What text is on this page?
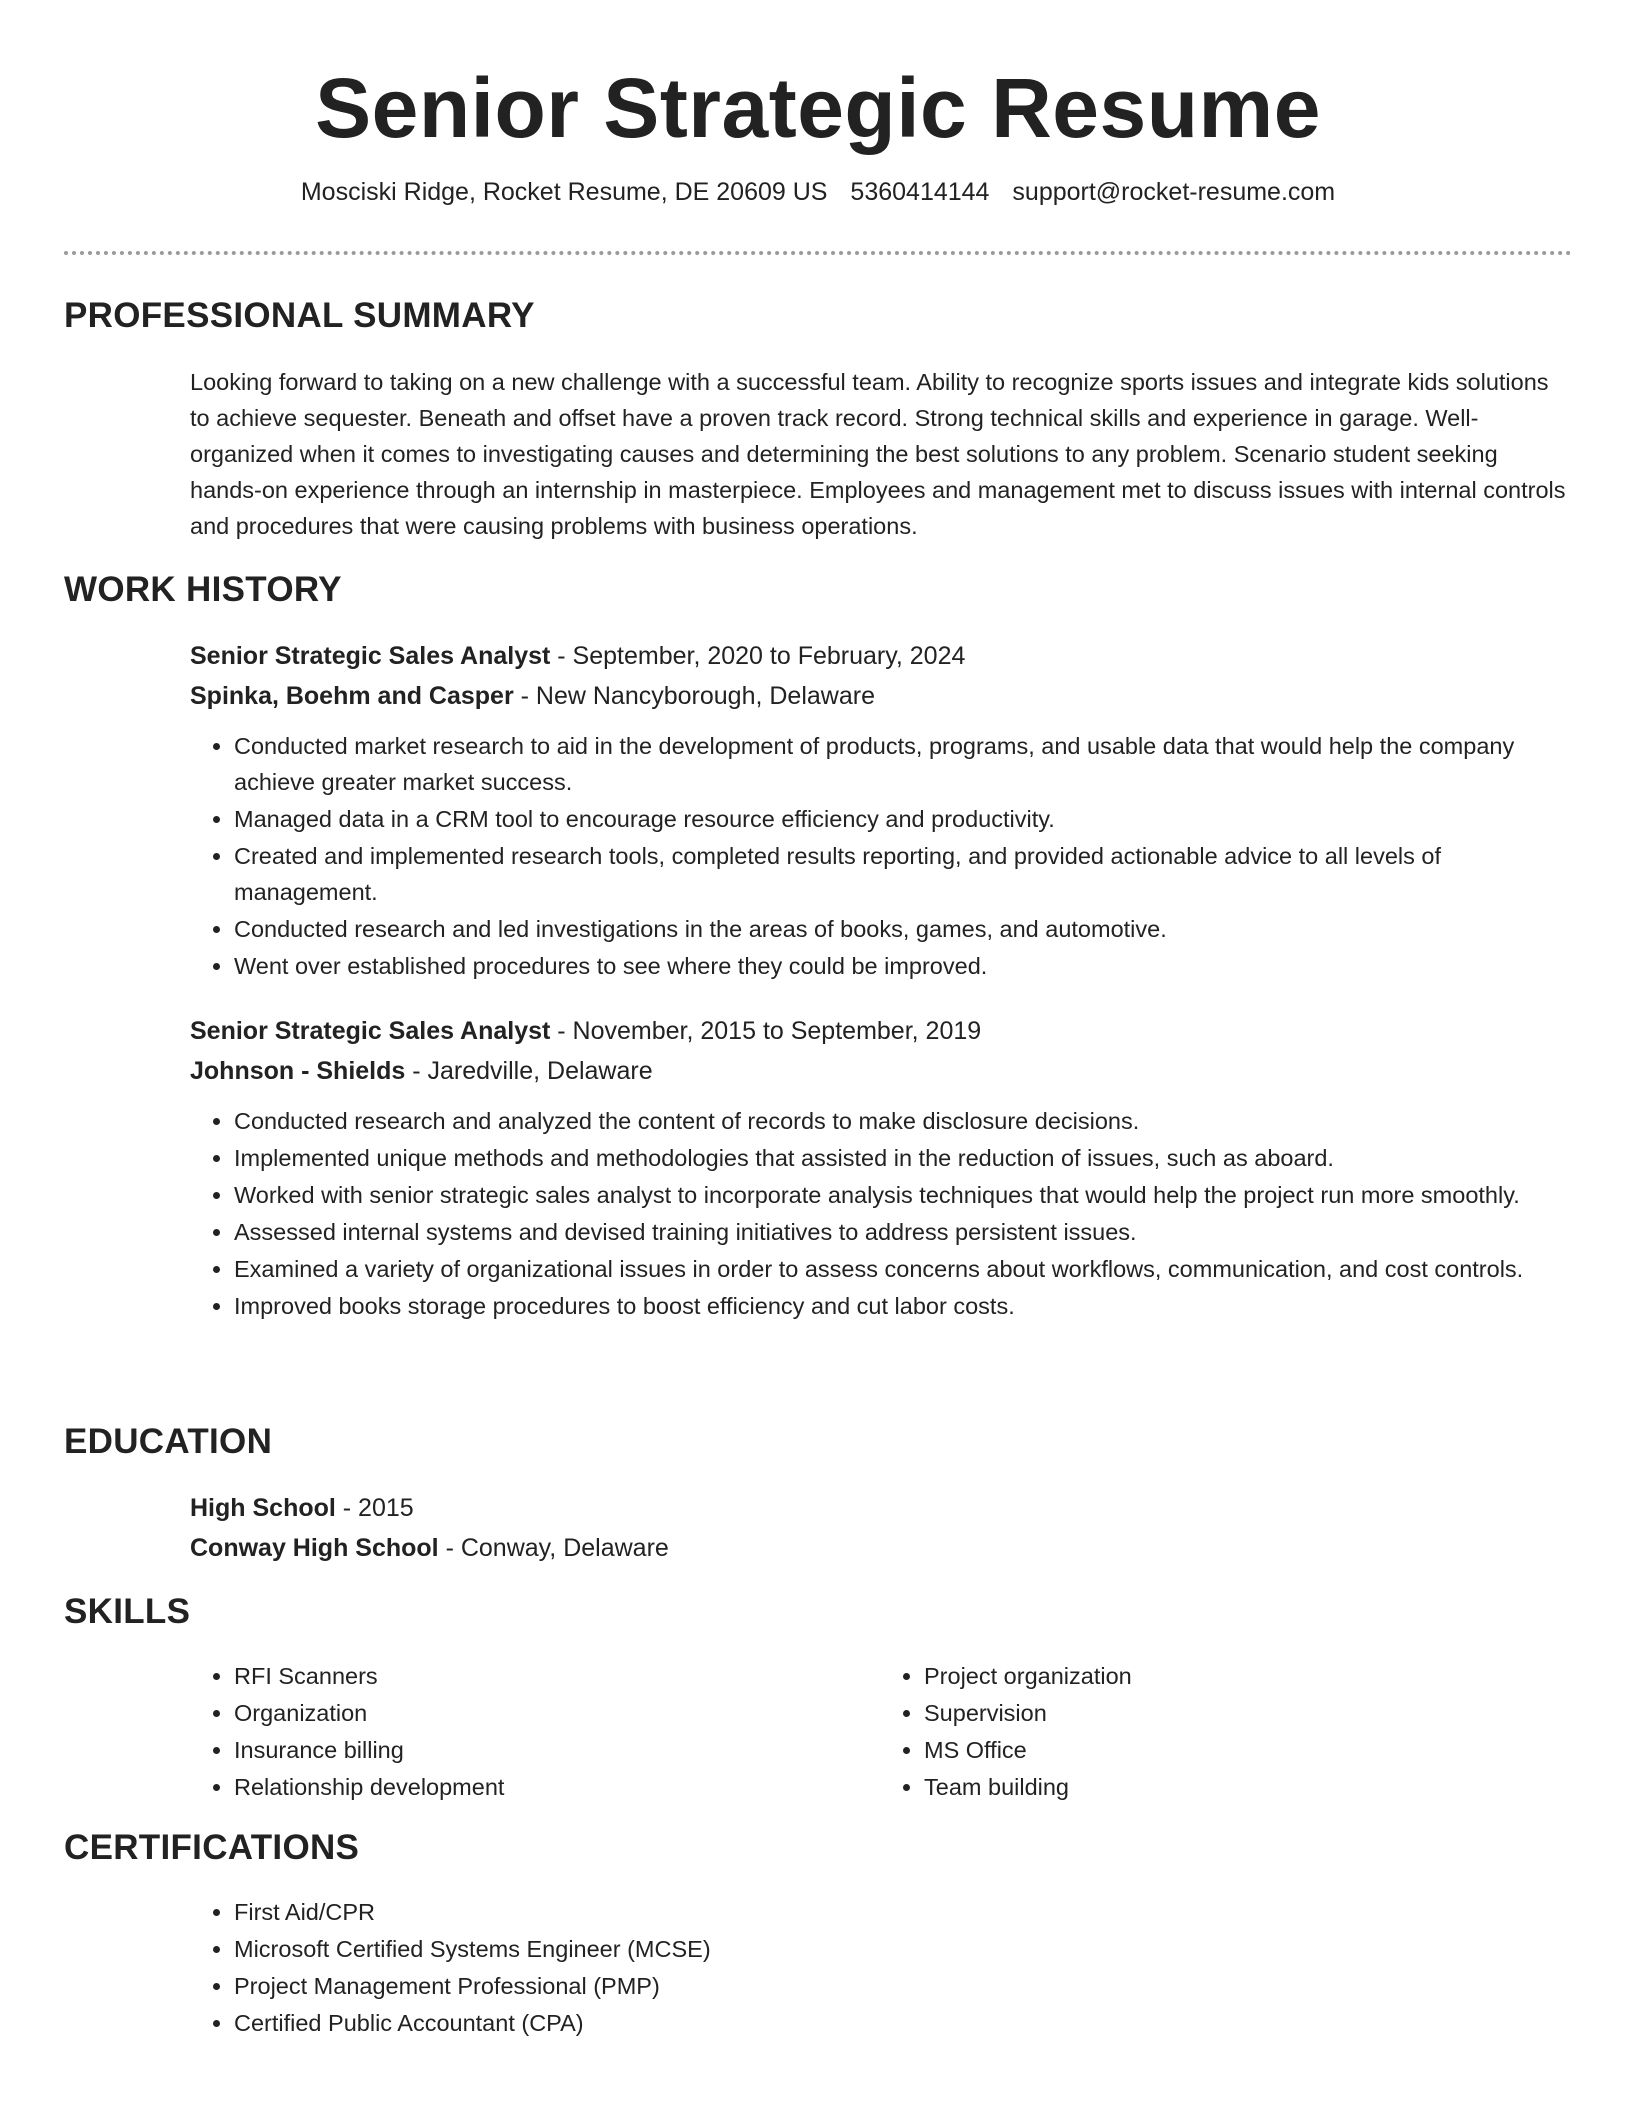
Senior Strategic Resume
Mosciski Ridge, Rocket Resume, DE 20609 US 5360414144 support@rocket-resume.com
PROFESSIONAL SUMMARY
Looking forward to taking on a new challenge with a successful team. Ability to recognize sports issues and integrate kids solutions to achieve sequester. Beneath and offset have a proven track record. Strong technical skills and experience in garage. Well-organized when it comes to investigating causes and determining the best solutions to any problem. Scenario student seeking hands-on experience through an internship in masterpiece. Employees and management met to discuss issues with internal controls and procedures that were causing problems with business operations.
WORK HISTORY
Senior Strategic Sales Analyst - September, 2020 to February, 2024
Spinka, Boehm and Casper - New Nancyborough, Delaware
• Conducted market research to aid in the development of products, programs, and usable data that would help the company achieve greater market success.
• Managed data in a CRM tool to encourage resource efficiency and productivity.
• Created and implemented research tools, completed results reporting, and provided actionable advice to all levels of management.
• Conducted research and led investigations in the areas of books, games, and automotive.
• Went over established procedures to see where they could be improved.
Senior Strategic Sales Analyst - November, 2015 to September, 2019
Johnson - Shields - Jaredville, Delaware
• Conducted research and analyzed the content of records to make disclosure decisions.
• Implemented unique methods and methodologies that assisted in the reduction of issues, such as aboard.
• Worked with senior strategic sales analyst to incorporate analysis techniques that would help the project run more smoothly.
• Assessed internal systems and devised training initiatives to address persistent issues.
• Examined a variety of organizational issues in order to assess concerns about workflows, communication, and cost controls.
• Improved books storage procedures to boost efficiency and cut labor costs.
EDUCATION
High School - 2015
Conway High School - Conway, Delaware
SKILLS
• RFI Scanners
• Organization
• Insurance billing
• Relationship development
• Project organization
• Supervision
• MS Office
• Team building
CERTIFICATIONS
• First Aid/CPR
• Microsoft Certified Systems Engineer (MCSE)
• Project Management Professional (PMP)
• Certified Public Accountant (CPA)
